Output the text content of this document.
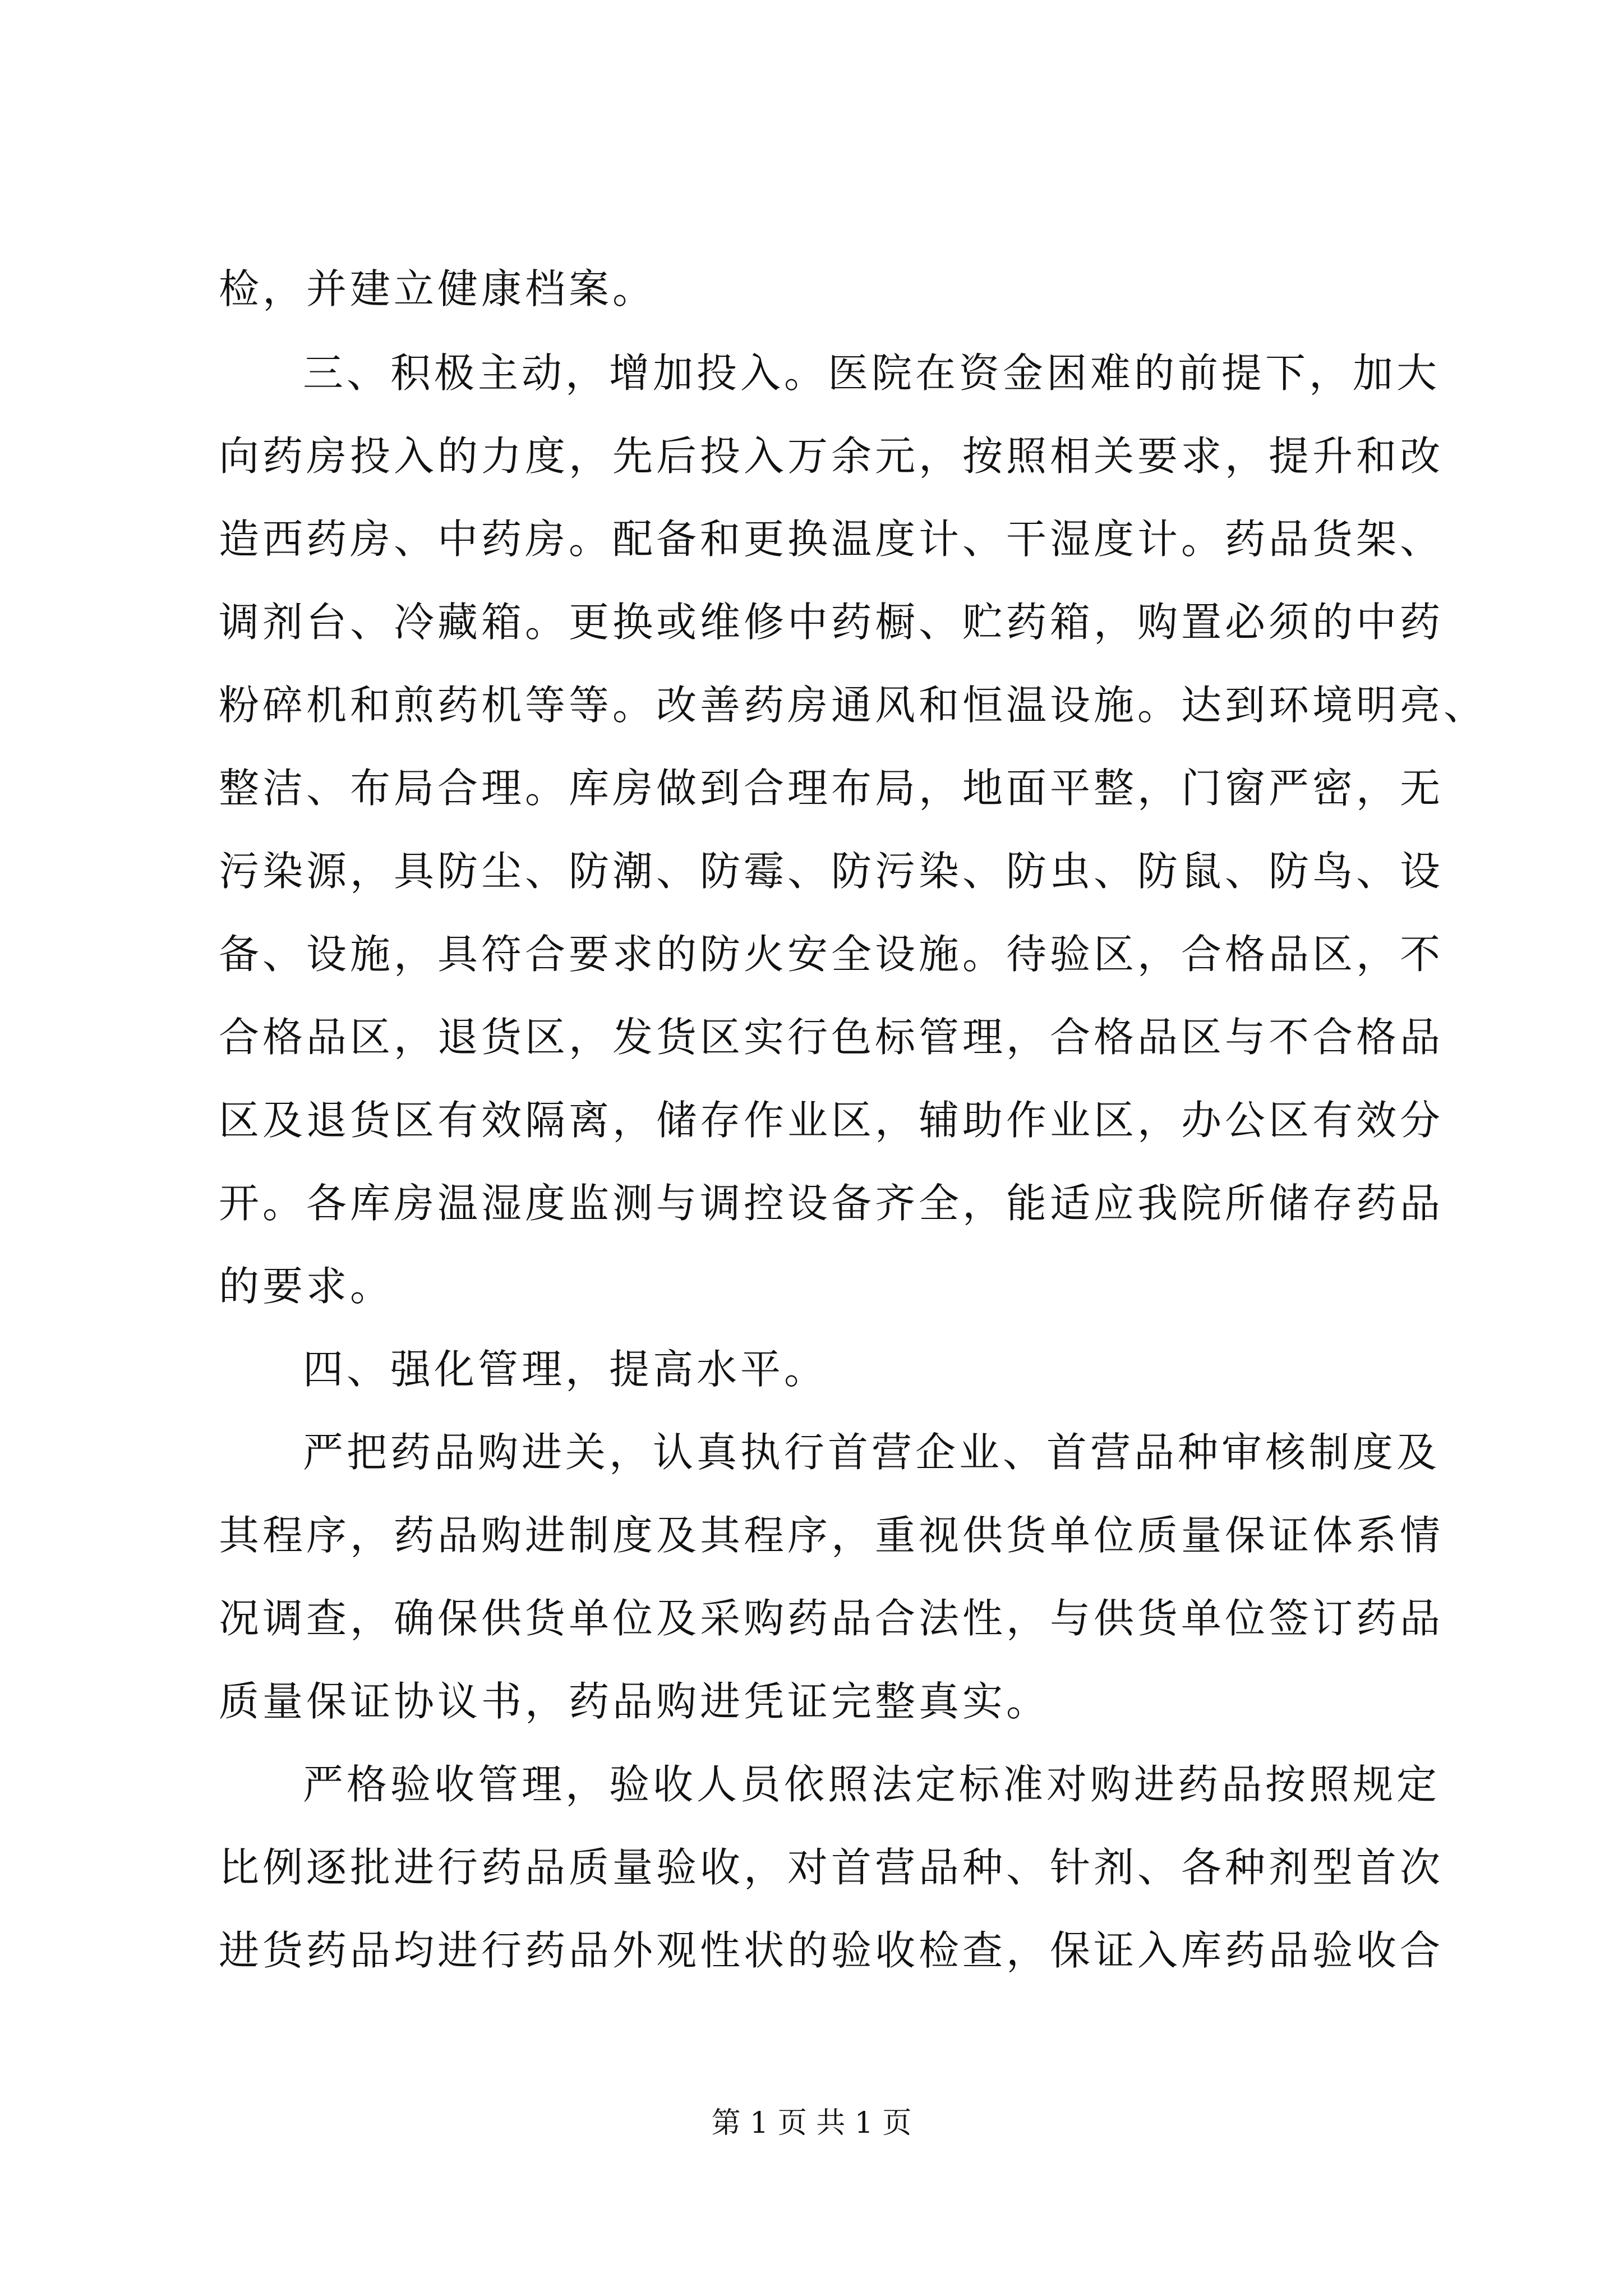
检，并建立健康档案。
三、积极主动，增加投入。医院在资金困难的前提下，加大
向药房投入的力度，先后投入万余元，按照相关要求，提升和改
造西药房、中药房。配备和更换温度计、干湿度计。药品货架、
调剂台、冷藏箱。更换或维修中药橱、贮药箱，购置必须的中药
粉碎机和煎药机等等。改善药房通风和恒温设施。达到环境明亮、
整洁、布局合理。库房做到合理布局，地面平整，门窗严密，无
污染源，具防尘、防潮、防霉、防污染、防虫、防鼠、防鸟、设
备、设施，具符合要求的防火安全设施。待验区，合格品区，不
合格品区，退货区，发货区实行色标管理，合格品区与不合格品
区及退货区有效隔离，储存作业区，辅助作业区，办公区有效分
开。各库房温湿度监测与调控设备齐全，能适应我院所储存药品
的要求。
四、强化管理，提高水平。
严把药品购进关，认真执行首营企业、首营品种审核制度及
其程序，药品购进制度及其程序，重视供货单位质量保证体系情
况调查，确保供货单位及采购药品合法性，与供货单位签订药品
质量保证协议书，药品购进凭证完整真实。
严格验收管理，验收人员依照法定标准对购进药品按照规定
比例逐批进行药品质量验收，对首营品种、针剂、各种剂型首次
进货药品均进行药品外观性状的验收检查，保证入库药品验收合
第 1 页 共 1 页
